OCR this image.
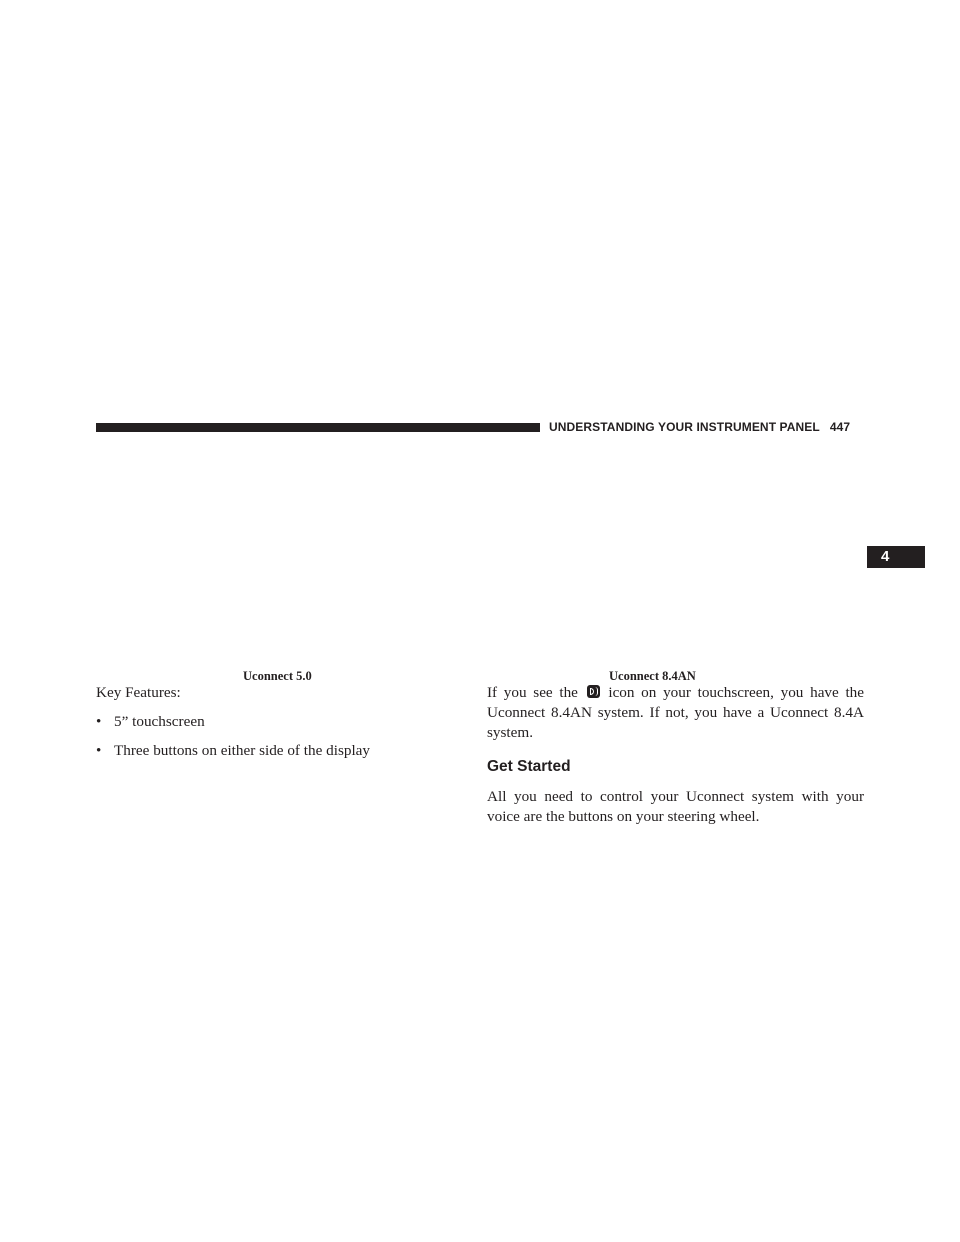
UNDERSTANDING YOUR INSTRUMENT PANEL 447
4
Uconnect 5.0	Uconnect 8.4AN

Key Features:

• 5” touchscreen
• Three buttons on either side of the display

If you see the icon on your touchscreen, you have the Uconnect 8.4AN system. If not, you have a Uconnect 8.4A system.

Get Started

All you need to control your Uconnect system with your voice are the buttons on your steering wheel.
